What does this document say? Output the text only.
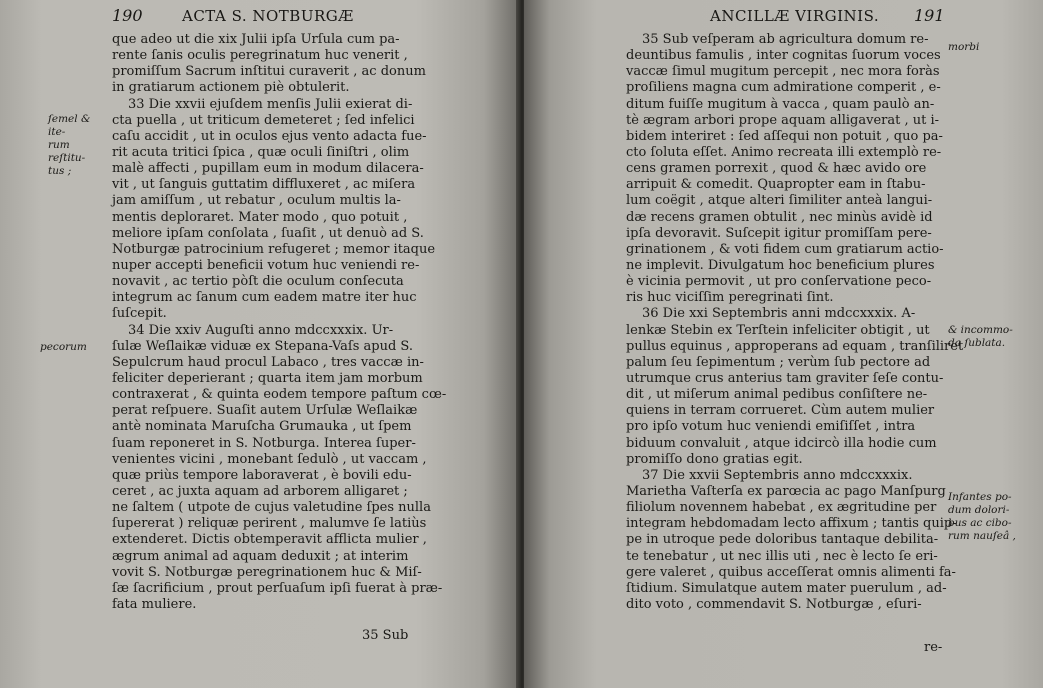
190	ACTA S. NOTBURGÆ
que adeo ut die xix Julii ipſa Urſula cum pa-
rente ſanis oculis peregrinatum huc venerit ,
promiſſum Sacrum inſtitui curaverit , ac donum
in gratiarum actionem piè obtulerit.
33 Die xxvii ejuſdem menſis Julii exierat di-
cta puella , ut triticum demeteret ; ſed infelici
caſu accidit , ut in oculos ejus vento adacta fue-
rit acuta tritici ſpica , quæ oculi ſiniſtri , olim
malè affecti , pupillam eum in modum dilacera-
vit , ut ſanguis guttatim diffluxeret , ac miſera
jam amiſſum , ut rebatur , oculum multis la-
mentis deploraret. Mater modo , quo potuit ,
meliore ipſam conſolata , ſuaſit , ut denuò ad S.
Notburgæ patrocinium refugeret ; memor itaque
nuper accepti beneficii votum huc veniendi re-
novavit , ac tertio pòſt die oculum conſecuta
integrum ac ſanum cum eadem matre iter huc
ſuſcepit.
34 Die xxiv Auguſti anno mdccxxxix. Ur-
ſulæ Weſlaikæ viduæ ex Stepana-Vaſs apud S.
Sepulcrum haud procul Labaco , tres vaccæ in-
feliciter deperierant ; quarta item jam morbum
contraxerat , & quinta eodem tempore paſtum cœ-
perat reſpuere. Suaſit autem Urſulæ Weſlaikæ
antè nominata Maruſcha Grumauka , ut ſpem
ſuam reponeret in S. Notburga. Interea ſuper-
venientes vicini , monebant ſedulò , ut vaccam ,
quæ priùs tempore laboraverat , è bovili edu-
ceret , ac juxta aquam ad arborem alligaret ;
ne ſaltem ( utpote de cujus valetudine ſpes nulla
ſupererat ) reliquæ perirent , malumve ſe latiùs
extenderet. Dictis obtemperavit afflicta mulier ,
ægrum animal ad aquam deduxit ; at interim
vovit S. Notburgæ peregrinationem huc & Miſ-
ſæ ſacrificium , prout perſuaſum ipſi fuerat à præ-
fata muliere.
ſemel & ite-
rum reſtitu-
tus ;
pecorum
35 Sub
ANCILLÆ VIRGINIS. 191
35 Sub veſperam ab agricultura domum re-
deuntibus famulis , inter cognitas ſuorum voces
vaccæ ſimul mugitum percepit , nec mora foràs
proſiliens magna cum admiratione comperit , e-
ditum fuiſſe mugitum à vacca , quam paulò an-
tè ægram arbori prope aquam alligaverat , ut i-
bidem interiret : ſed aſſequi non potuit , quo pa-
cto ſoluta eſſet. Animo recreata illi extemplò re-
cens gramen porrexit , quod & hæc avido ore
arripuit & comedit. Quapropter eam in ſtabu-
lum coëgit , atque alteri ſimiliter anteà langui-
dæ recens gramen obtulit , nec minùs avidè id
ipſa devoravit. Suſcepit igitur promiſſam pere-
grinationem , & voti fidem cum gratiarum actio-
ne implevit. Divulgatum hoc beneficium plures
è vicinia permovit , ut pro conſervatione peco-
ris huc viciſſim peregrinati ſint.
36 Die xxi Septembris anni mdccxxxix. A-
lenkæ Stebin ex Terſtein infeliciter obtigit , ut
pullus equinus , approperans ad equam , tranſiliret
palum ſeu ſepimentum ; verùm ſub pectore ad
utrumque crus anterius tam graviter ſeſe contu-
dit , ut miſerum animal pedibus conſiſtere ne-
quiens in terram corrueret. Cùm autem mulier
pro ipſo votum huc veniendi emiſiſſet , intra
biduum convaluit , atque idcircò illa hodie cum
promiſſo dono gratias egit.
37 Die xxvii Septembris anno mdccxxxix.
Marietha Vaſterſa ex parœcia ac pago Manſpurg
filiolum novennem habebat , ex ægritudine per
integram hebdomadam lecto affixum ; tantis quip-
pe in utroque pede doloribus tantaque debilita-
te tenebatur , ut nec illis uti , nec è lecto ſe eri-
gere valeret , quibus acceſſerat omnis alimenti fa-
ſtidium. Simulatque autem mater puerulum , ad-
dito voto , commendavit S. Notburgæ , eſuri-
morbi
& incommo-
da ſublata.
Infantes po-
dum dolori-
bus ac cibo-
rum nauſeâ ,
re-
